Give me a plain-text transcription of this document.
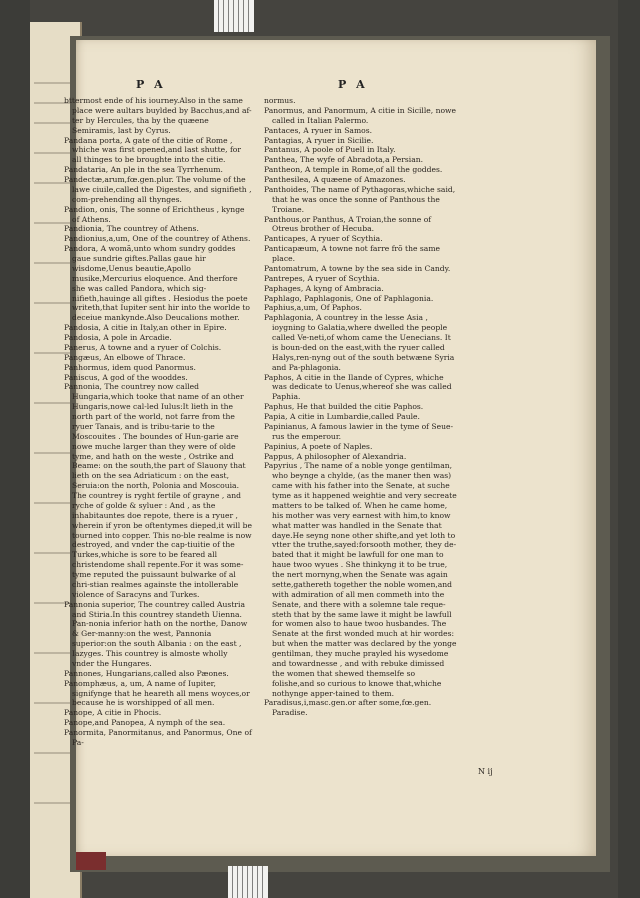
P A	P A

bttermost ende of his iourney.Also in the same place were aultars buylded by Bacchus,and af-ter by Hercules, tha by the quæene Semiramis, last by Cyrus.

Pandana porta, A gate of the citie of Rome , whiche was first opened,and last shutte, for all thinges to be broughte into the citie.

Pandataria, An ple in the sea Tyrrhenum.

Pandectæ,arum,fœ.gen.plur. The volume of the lawe ciuile,called the Digestes, and signifieth , com-prehending all thynges.

Pandion, onis, The sonne of Erichtheus , kynge of Athens.

Pandionia, The countrey of Athens.

Pandionius,a,um, One of the countrey of Athens.

Pandora, A womã,unto whom sundry goddes gaue sundrie giftes.Pallas gaue hir wisdome,Uenus beautie,Apollo musike,Mercurius eloquence. And therfore she was called Pandora, which sig-nifieth,hauinge all giftes . Hesiodus the poete writeth,that Iupiter sent hir into the worlde to deceiue mankynde.Also Deucalions mother.

Pandosia, A citie in Italy,an other in Epire.

Pandosia, A pole in Arcadie.

Panerus, A towne and a ryuer of Colchis.

Pangæus, An elbowe of Thrace.

Panhormus, idem quod Panormus.

Paniscus, A god of the wooddes.

Pannonia, The countrey now called Hungaria,which tooke that name of an other Hungaris,nowe cal-led Iulus:It lieth in the north part of the world, not farre from the ryuer Tanais, and is tribu-tarie to the Moscouites . The boundes of Hun-garie are nowe muche larger than they were of olde tyme, and hath on the weste , Ostrike and Beame: on the south,the part of Slauony that lieth on the sea Adriaticum : on the east, Seruia:on the north, Polonia and Moscouia. The countrey is ryght fertile of grayne , and ryche of golde & syluer : And , as the inhabitauntes doe repote, there is a ryuer , wherein if yron be oftentymes dieped,it will be tourned into copper. This no-ble realme is now destroyed, and vnder the cap-tiuitie of the Turkes,whiche is sore to be feared all christendome shall repente.For it was some-tyme reputed the puissaunt bulwarke of al chri-stian realmes againste the intollerable violence of Saracyns and Turkes.

Pannonia superior, The countrey called Austria and Stiria.In this countrey standeth Uienna. Pan-nonia inferior hath on the northe, Danow & Ger-manny:on the west, Pannonia superior:on the south Albania : on the east , Iazyges. This countrey is almoste wholly vnder the Hungares.

Pannones, Hungarians,called also Pæones.

Panomphæus, a, um, A name of Iupiter, signifynge that he heareth all mens woyces,or because he is worshipped of all men.

Panope, A citie in Phocis.

Panope,and Panopea, A nymph of the sea.

Panormita, Panormitanus, and Panormus, One of Pa-

normus.

Panormus, and Panormum, A citie in Sicille, nowe called in Italian Palermo.

Pantaces, A ryuer in Samos.

Pantagias, A ryuer in Sicilie.

Pantanus, A poole of Puell in Italy.

Panthea, The wyfe of Abradota,a Persian.

Pantheon, A temple in Rome,of all the goddes.

Panthesilea, A quæene of Amazones.

Panthoides, The name of Pythagoras,whiche said, that he was once the sonne of Panthous the Troiane.

Panthous,or Panthus, A Troian,the sonne of Otreus brother of Hecuba.

Panticapes, A ryuer of Scythia.

Panticapæum, A towne not farre frõ the same place.

Pantomatrum, A towne by the sea side in Candy.

Pantrepes, A ryuer of Scythia.

Paphages, A kyng of Ambracia.

Paphlago, Paphlagonis, One of Paphlagonia.

Paphius,a,um, Of Paphos.

Paphlagonia, A countrey in the lesse Asia , ioygning to Galatia,where dwelled the people called Ve-neti,of whom came the Uenecians. It is boun-ded on the east,with the ryuer called Halys,ren-nyng out of the south betwæne Syria and Pa-phlagonia.

Paphos, A citie in the Ilande of Cypres, whiche was dedicate to Uenus,whereof she was called Paphia.

Paphus, He that builded the citie Paphos.

Papia, A citie in Lumbardie,called Paule.

Papinianus, A famous lawier in the tyme of Seue-rus the emperour.

Papinius, A poete of Naples.

Pappus, A philosopher of Alexandria.

Papyrius , The name of a noble yonge gentilman, who beynge a chylde, (as the maner then was) came with his father into the Senate, at suche tyme as it happened weightie and very secreate matters to be talked of. When he came home, his mother was very earnest with him,to know what matter was handled in the Senate that daye.He seyng none other shifte,and yet loth to vtter the truthe,sayed:forsooth mother, they de-bated that it might be lawfull for one man to haue twoo wyues . She thinkyng it to be true, the nert mornyng,when the Senate was again sette,gathereth together the noble women,and with admiration of all men commeth into the Senate, and there with a solemne tale reque-steth that by the same lawe it might be lawfull for women also to haue twoo husbandes. The Senate at the first wonded much at hir wordes: but when the matter was declared by the yonge gentilman, they muche prayled his wysedome and towardnesse , and with rebuke dimissed the women that shewed themselfe so folishe,and so curious to knowe that,whiche nothynge apper-tained to them.

Paradisus,i,masc.gen.or after some,fœ.gen. Paradise.

N ij
